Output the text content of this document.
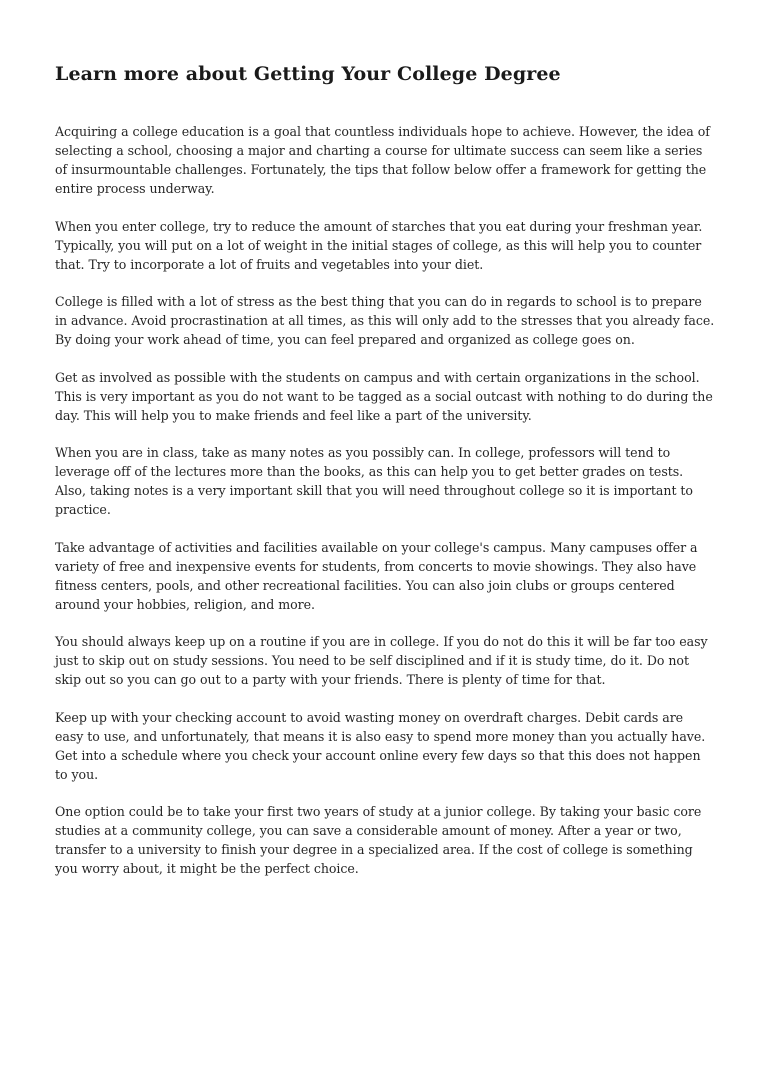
Learn more about Getting Your College Degree

Acquiring a college education is a goal that countless individuals hope to achieve. However, the idea of selecting a school, choosing a major and charting a course for ultimate success can seem like a series of insurmountable challenges. Fortunately, the tips that follow below offer a framework for getting the entire process underway.

When you enter college, try to reduce the amount of starches that you eat during your freshman year. Typically, you will put on a lot of weight in the initial stages of college, as this will help you to counter that. Try to incorporate a lot of fruits and vegetables into your diet.

College is filled with a lot of stress as the best thing that you can do in regards to school is to prepare in advance. Avoid procrastination at all times, as this will only add to the stresses that you already face. By doing your work ahead of time, you can feel prepared and organized as college goes on.

Get as involved as possible with the students on campus and with certain organizations in the school. This is very important as you do not want to be tagged as a social outcast with nothing to do during the day. This will help you to make friends and feel like a part of the university.

When you are in class, take as many notes as you possibly can. In college, professors will tend to leverage off of the lectures more than the books, as this can help you to get better grades on tests. Also, taking notes is a very important skill that you will need throughout college so it is important to practice.

Take advantage of activities and facilities available on your college's campus. Many campuses offer a variety of free and inexpensive events for students, from concerts to movie showings. They also have fitness centers, pools, and other recreational facilities. You can also join clubs or groups centered around your hobbies, religion, and more.

You should always keep up on a routine if you are in college. If you do not do this it will be far too easy just to skip out on study sessions. You need to be self disciplined and if it is study time, do it. Do not skip out so you can go out to a party with your friends. There is plenty of time for that.

Keep up with your checking account to avoid wasting money on overdraft charges. Debit cards are easy to use, and unfortunately, that means it is also easy to spend more money than you actually have. Get into a schedule where you check your account online every few days so that this does not happen to you.

One option could be to take your first two years of study at a junior college. By taking your basic core studies at a community college, you can save a considerable amount of money. After a year or two, transfer to a university to finish your degree in a specialized area. If the cost of college is something you worry about, it might be the perfect choice.
